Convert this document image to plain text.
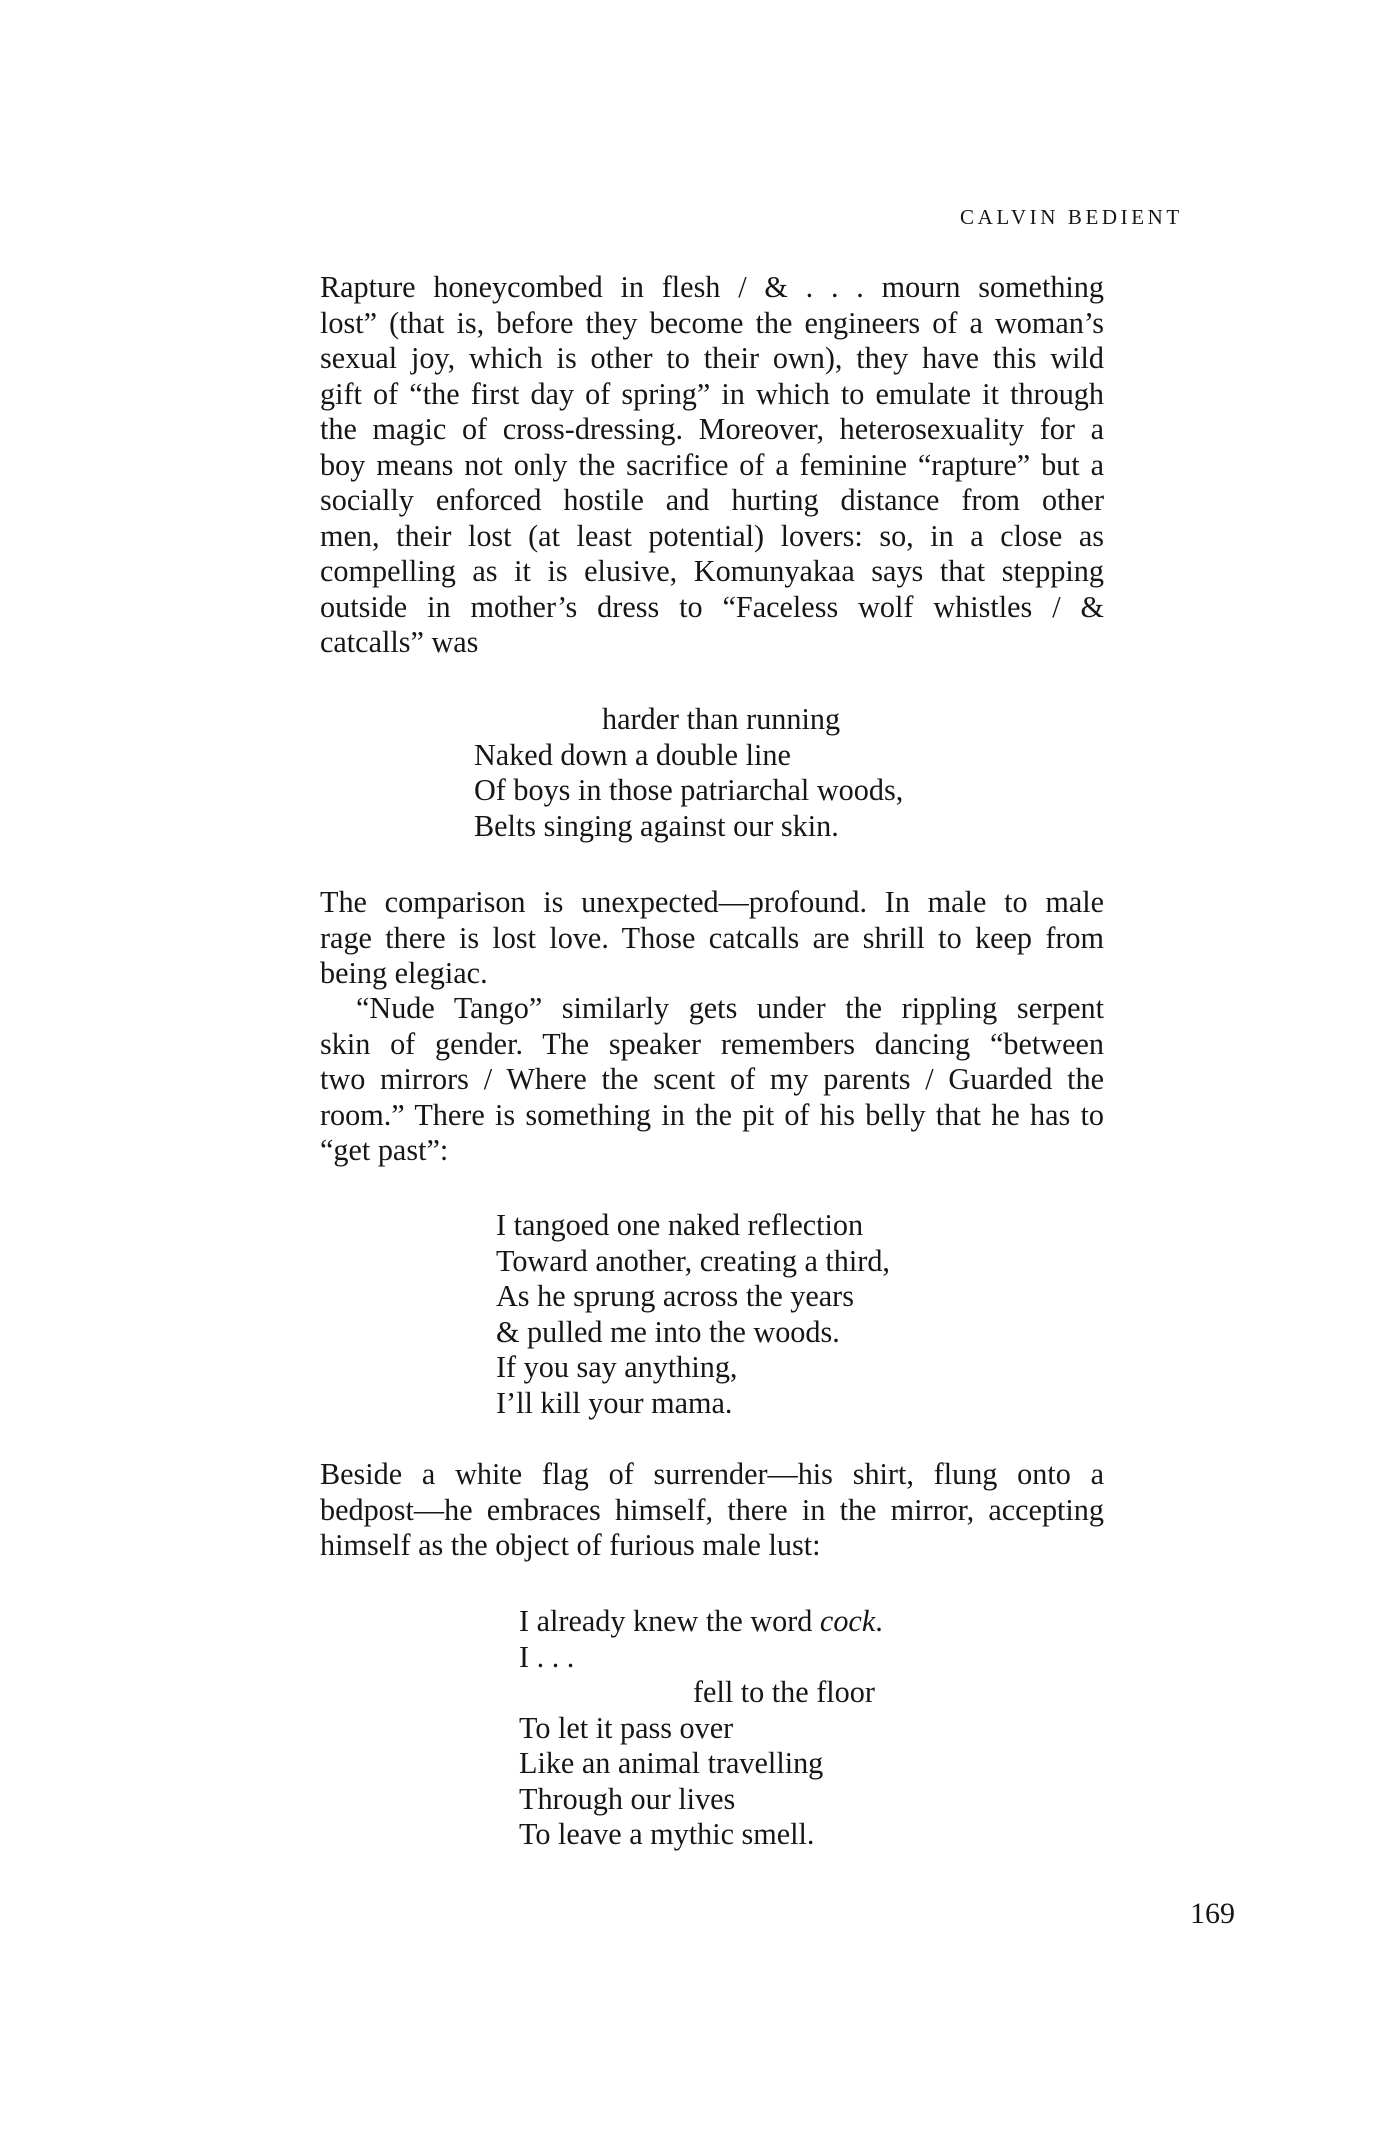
CALVIN BEDIENT
Rapture honeycombed in flesh / & . . . mourn something
lost” (that is, before they become the engineers of a woman’s
sexual joy, which is other to their own), they have this wild
gift of “the first day of spring” in which to emulate it through
the magic of cross-dressing. Moreover, heterosexuality for a
boy means not only the sacrifice of a feminine “rapture” but a
socially enforced hostile and hurting distance from other
men, their lost (at least potential) lovers: so, in a close as
compelling as it is elusive, Komunyakaa says that stepping
outside in mother’s dress to “Faceless wolf whistles / &
catcalls” was
harder than running
Naked down a double line
Of boys in those patriarchal woods,
Belts singing against our skin.
The comparison is unexpected—profound. In male to male
rage there is lost love. Those catcalls are shrill to keep from
being elegiac.
“Nude Tango” similarly gets under the rippling serpent
skin of gender. The speaker remembers dancing “between
two mirrors / Where the scent of my parents / Guarded the
room.” There is something in the pit of his belly that he has to
“get past”:
I tangoed one naked reflection
Toward another, creating a third,
As he sprung across the years
& pulled me into the woods.
If you say anything,
I’ll kill your mama.
Beside a white flag of surrender—his shirt, flung onto a
bedpost—he embraces himself, there in the mirror, accepting
himself as the object of furious male lust:
I already knew the word cock.
I . . .
fell to the floor
To let it pass over
Like an animal travelling
Through our lives
To leave a mythic smell.
169
